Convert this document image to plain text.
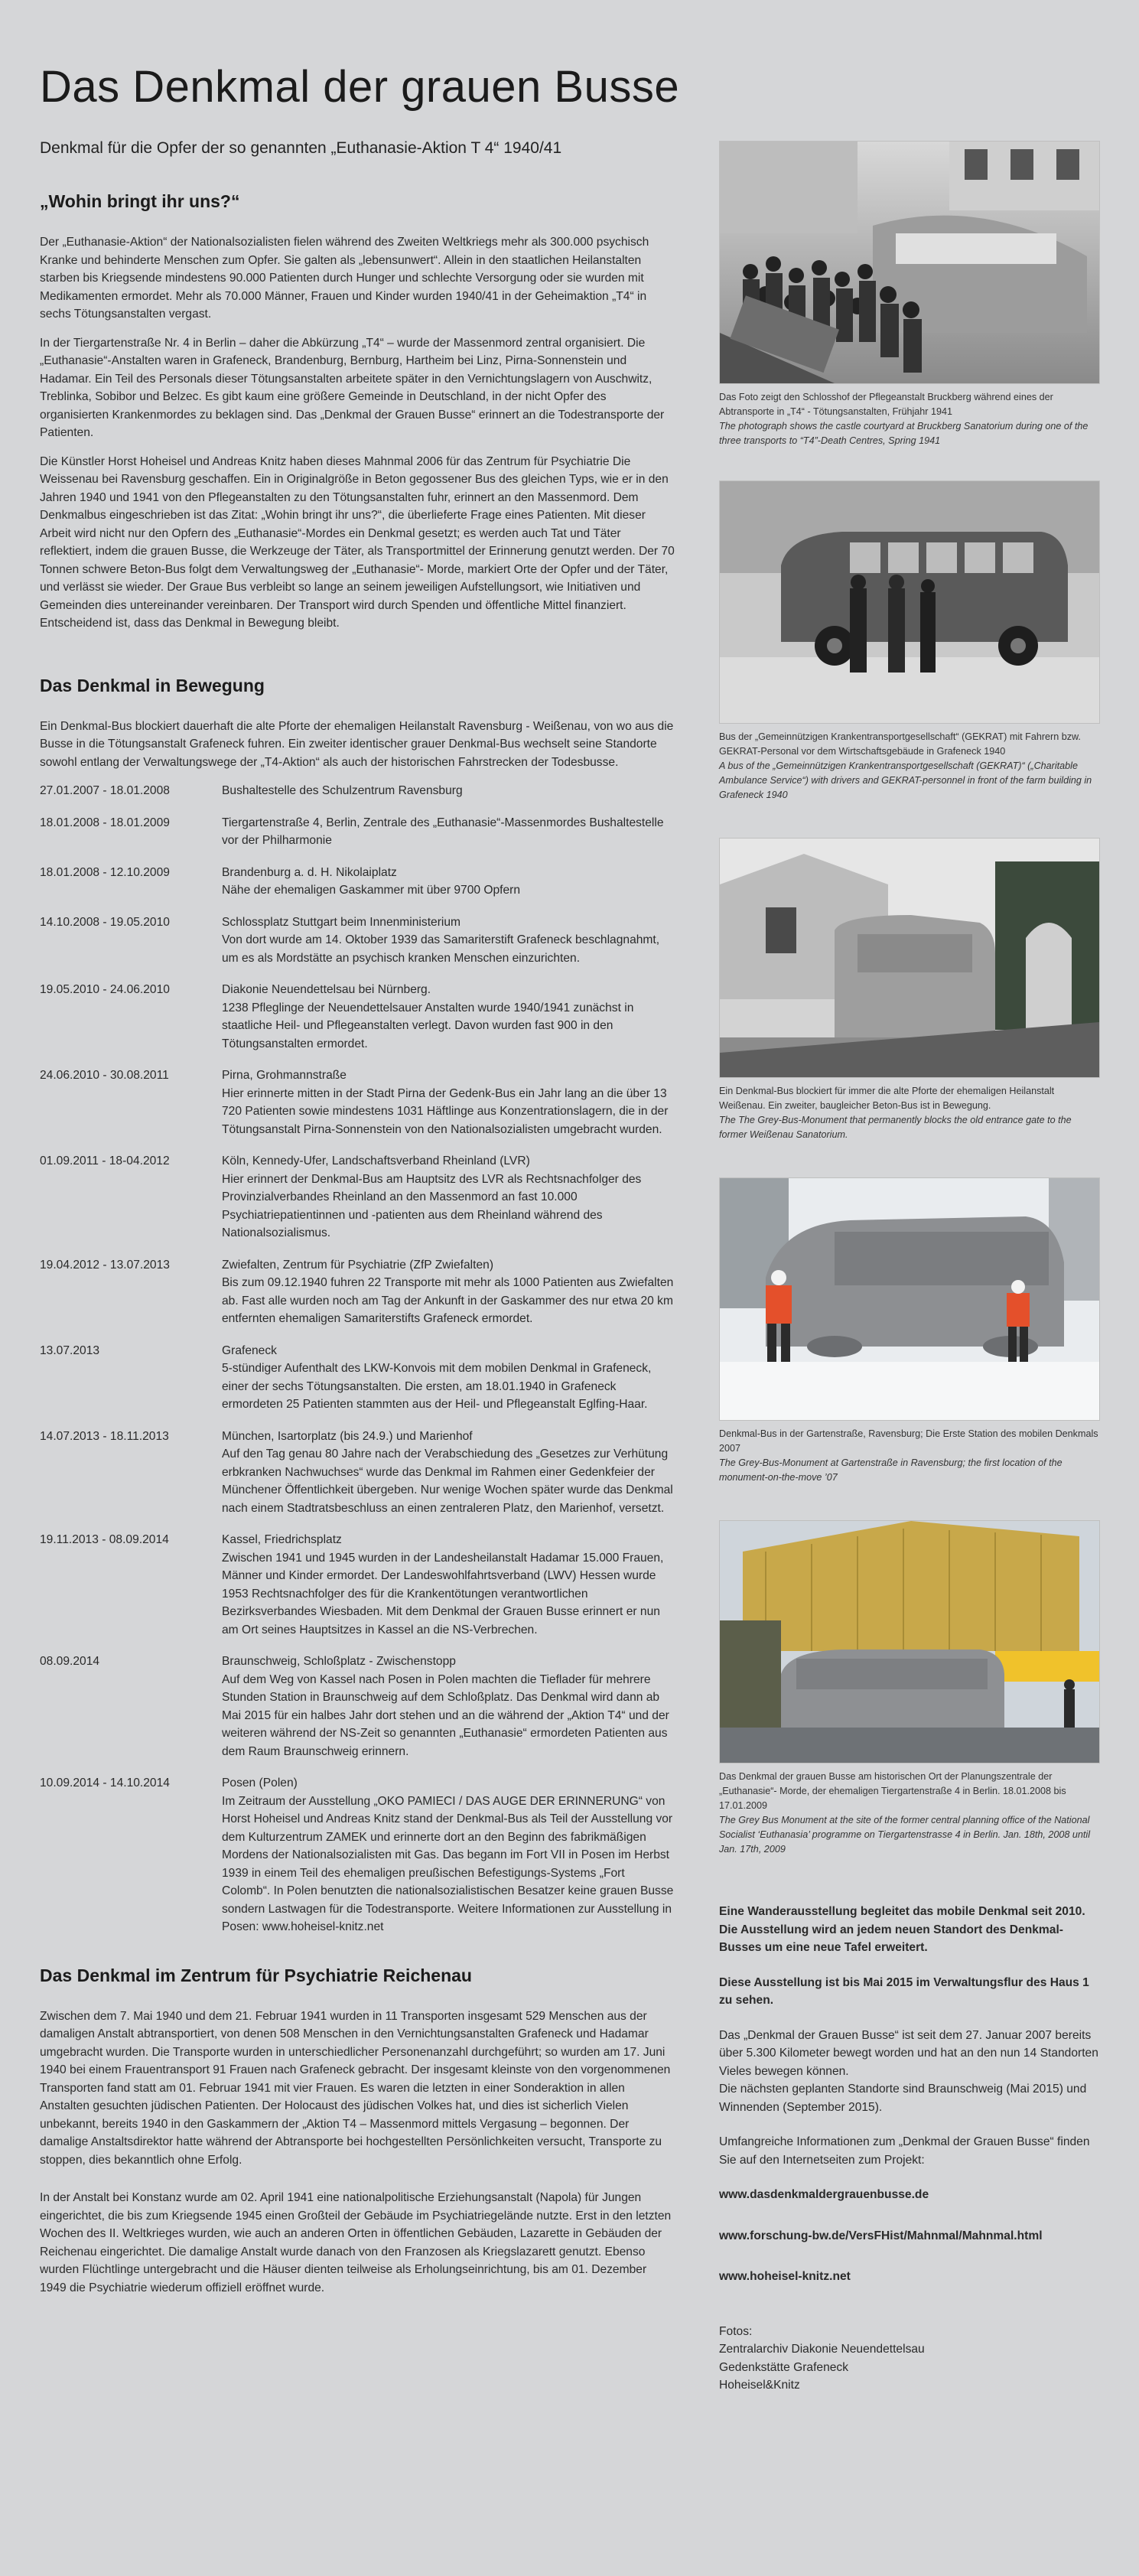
Das Denkmal der grauen Busse
Denkmal für die Opfer der so genannten „Euthanasie-Aktion T 4“ 1940/41
„Wohin bringt ihr uns?“

Der „Euthanasie-Aktion“ der Nationalsozialisten fielen während des Zweiten Weltkriegs mehr als 300.000 psychisch Kranke und behinderte Menschen zum Opfer. Sie galten als „lebensunwert“. Allein in den staatlichen Heilanstalten starben bis Kriegsende mindestens 90.000 Patienten durch Hunger und schlechte Versorgung oder sie wurden mit Medikamenten ermordet. Mehr als 70.000 Männer, Frauen und Kinder wurden 1940/41 in der Geheimaktion „T4“ in sechs Tötungsanstalten vergast.

In der Tiergartenstraße Nr. 4 in Berlin – daher die Abkürzung „T4“ – wurde der Massenmord zentral organisiert. Die „Euthanasie“-Anstalten waren in Grafeneck, Brandenburg, Bernburg, Hartheim bei Linz, Pirna-Sonnenstein und Hadamar. Ein Teil des Personals dieser Tötungsanstalten arbeitete später in den Vernichtungslagern von Auschwitz, Treblinka, Sobibor und Belzec. Es gibt kaum eine größere Gemeinde in Deutschland, in der nicht Opfer des organisierten Krankenmordes zu beklagen sind. Das „Denkmal der Grauen Busse“ erinnert an die Todestransporte der Patienten.

Die Künstler Horst Hoheisel und Andreas Knitz haben dieses Mahnmal 2006 für das Zentrum für Psychiatrie Die Weissenau bei Ravensburg geschaffen. Ein in Originalgröße in Beton gegossener Bus des gleichen Typs, wie er in den Jahren 1940 und 1941 von den Pflegeanstalten zu den Tötungsanstalten fuhr, erinnert an den Massenmord. Dem Denkmalbus eingeschrieben ist das Zitat: „Wohin bringt ihr uns?“, die überlieferte Frage eines Patienten. Mit dieser Arbeit wird nicht nur den Opfern des „Euthanasie“-Mordes ein Denkmal gesetzt; es werden auch Tat und Täter reflektiert, indem die grauen Busse, die Werkzeuge der Täter, als Transportmittel der Erinnerung genutzt werden. Der 70 Tonnen schwere Beton-Bus folgt dem Verwaltungsweg der „Euthanasie“- Morde, markiert Orte der Opfer und der Täter, und verlässt sie wieder. Der Graue Bus verbleibt so lange an seinem jeweiligen Aufstellungsort, wie Initiativen und Gemeinden dies untereinander vereinbaren. Der Transport wird durch Spenden und öffentliche Mittel finanziert. Entscheidend ist, dass das Denkmal in Bewegung bleibt.

Das Denkmal in Bewegung

Ein Denkmal-Bus blockiert dauerhaft die alte Pforte der ehemaligen Heilanstalt Ravensburg - Weißenau, von wo aus die Busse in die Tötungsanstalt Grafeneck fuhren. Ein zweiter identischer grauer Denkmal-Bus wechselt seine Standorte sowohl entlang der Verwaltungswege der „T4-Aktion“ als auch der historischen Fahrstrecken der Todesbusse.

27.01.2007 - 18.01.2008	Bushaltestelle des Schulzentrum Ravensburg
18.01.2008 - 18.01.2009	Tiergartenstraße 4, Berlin, Zentrale des „Euthanasie“-Massenmordes Bushaltestelle vor der Philharmonie
18.01.2008 - 12.10.2009	Brandenburg a. d. H. Nikolaiplatz
Nähe der ehemaligen Gaskammer mit über 9700 Opfern
14.10.2008 - 19.05.2010	Schlossplatz Stuttgart beim Innenministerium
Von dort wurde am 14. Oktober 1939 das Samariterstift Grafeneck beschlagnahmt, um es als Mordstätte an psychisch kranken Menschen einzurichten.
19.05.2010 - 24.06.2010	Diakonie Neuendettelsau bei Nürnberg.
1238 Pfleglinge der Neuendettelsauer Anstalten wurde 1940/1941 zunächst in staatliche Heil- und Pflegeanstalten verlegt. Davon wurden fast 900 in den Tötungsanstalten ermordet.
24.06.2010 - 30.08.2011	Pirna, Grohmannstraße
Hier erinnerte mitten in der Stadt Pirna der Gedenk-Bus ein Jahr lang an die über 13 720 Patienten sowie mindestens 1031 Häftlinge aus Konzentrationslagern, die in der Tötungsanstalt Pirna-Sonnenstein von den Nationalsozialisten umgebracht wurden.
01.09.2011 - 18-04.2012	Köln, Kennedy-Ufer, Landschaftsverband Rheinland (LVR)
Hier erinnert der Denkmal-Bus am Hauptsitz des LVR als Rechtsnachfolger des Provinzialverbandes Rheinland an den Massenmord an fast 10.000 Psychiatriepatientinnen und -patienten aus dem Rheinland während des Nationalsozialismus.
19.04.2012 - 13.07.2013	Zwiefalten, Zentrum für Psychiatrie (ZfP Zwiefalten)
Bis zum 09.12.1940 fuhren 22 Transporte mit mehr als 1000 Patienten aus Zwiefalten ab. Fast alle wurden noch am Tag der Ankunft in der Gaskammer des nur etwa 20 km entfernten ehemaligen Samariterstifts Grafeneck ermordet.
13.07.2013	Grafeneck
5-stündiger Aufenthalt des LKW-Konvois mit dem mobilen Denkmal in Grafeneck, einer der sechs Tötungsanstalten. Die ersten, am 18.01.1940 in Grafeneck ermordeten 25 Patienten stammten aus der Heil- und Pflegeanstalt Eglfing-Haar.
14.07.2013 - 18.11.2013	München, Isartorplatz (bis 24.9.) und Marienhof
Auf den Tag genau 80 Jahre nach der Verabschiedung des „Gesetzes zur Verhütung erbkranken Nachwuchses“ wurde das Denkmal im Rahmen einer Gedenkfeier der Münchener Öffentlichkeit übergeben. Nur wenige Wochen später wurde das Denkmal nach einem Stadtratsbeschluss an einen zentraleren Platz, den Marienhof, versetzt.
19.11.2013 - 08.09.2014	Kassel, Friedrichsplatz
Zwischen 1941 und 1945 wurden in der Landesheilanstalt Hadamar 15.000 Frauen, Männer und Kinder ermordet. Der Landeswohlfahrtsverband (LWV) Hessen wurde 1953 Rechtsnachfolger des für die Krankentötungen verantwortlichen Bezirksverbandes Wiesbaden. Mit dem Denkmal der Grauen Busse erinnert er nun am Ort seines Hauptsitzes in Kassel an die NS-Verbrechen.
08.09.2014	Braunschweig, Schloßplatz - Zwischenstopp
Auf dem Weg von Kassel nach Posen in Polen machten die Tieflader für mehrere Stunden Station in Braunschweig auf dem Schloßplatz. Das Denkmal wird dann ab Mai 2015 für ein halbes Jahr dort stehen und an die während der „Aktion T4“ und der weiteren während der NS-Zeit so genannten „Euthanasie“ ermordeten Patienten aus dem Raum Braunschweig erinnern.
10.09.2014 - 14.10.2014	Posen (Polen)
Im Zeitraum der Ausstellung „OKO PAMIECI / DAS AUGE DER ERINNERUNG“ von Horst Hoheisel und Andreas Knitz stand der Denkmal-Bus als Teil der Ausstellung vor dem Kulturzentrum ZAMEK und erinnerte dort an den Beginn des fabrikmäßigen Mordens der Nationalsozialisten mit Gas. Das begann im Fort VII in Posen im Herbst 1939 in einem Teil des ehemaligen preußischen Befestigungs-Systems „Fort Colomb“. In Polen benutzten die nationalsozialistischen Besatzer keine grauen Busse sondern Lastwagen für die Todestransporte. Weitere Informationen zur Ausstellung in Posen: www.hoheisel-knitz.net
Das Denkmal im Zentrum für Psychiatrie Reichenau

Zwischen dem 7. Mai 1940 und dem 21. Februar 1941 wurden in 11 Transporten insgesamt 529 Menschen aus der damaligen Anstalt abtransportiert, von denen 508 Menschen in den Vernichtungsanstalten Grafeneck und Hadamar umgebracht wurden. Die Transporte wurden in unterschiedlicher Personenanzahl durchgeführt; so wurden am 17. Juni 1940 bei einem Frauentransport 91 Frauen nach Grafeneck gebracht. Der insgesamt kleinste von den vorgenommenen Transporten fand statt am 01. Februar 1941 mit vier Frauen. Es waren die letzten in einer Sonderaktion in allen Anstalten gesuchten jüdischen Patienten. Der Holocaust des jüdischen Volkes hat, und dies ist sicherlich Vielen unbekannt, bereits 1940 in den Gaskammern der „Aktion T4 – Massenmord mittels Vergasung – begonnen. Der damalige Anstaltsdirektor hatte während der Abtransporte bei hochgestellten Persönlichkeiten versucht, Transporte zu stoppen, dies bekanntlich ohne Erfolg.

In der Anstalt bei Konstanz wurde am 02. April 1941 eine nationalpolitische Erziehungsanstalt (Napola) für Jungen eingerichtet, die bis zum Kriegsende 1945 einen Großteil der Gebäude im Psychiatriegelände nutzte. Erst in den letzten Wochen des II. Weltkrieges wurden, wie auch an anderen Orten in öffentlichen Gebäuden, Lazarette in Gebäuden der Reichenau eingerichtet. Die damalige Anstalt wurde danach von den Franzosen als Kriegslazarett genutzt. Ebenso wurden Flüchtlinge untergebracht und die Häuser dienten teilweise als Erholungseinrichtung, bis am 01. Dezember 1949 die Psychiatrie wiederum offiziell eröffnet wurde.

Das Foto zeigt den Schlosshof der Pflegeanstalt Bruckberg während eines der Abtransporte in „T4“ - Tötungsanstalten, Frühjahr 1941
The photograph shows the castle courtyard at Bruckberg Sanatorium during one of the three transports to “T4”-Death Centres, Spring 1941
Bus der „Gemeinnützigen Krankentransportgesellschaft“ (GEKRAT) mit Fahrern bzw. GEKRAT-Personal vor dem Wirtschaftsgebäude in Grafeneck 1940
A bus of the „Gemeinnützigen Krankentransportgesellschaft (GEKRAT)“ („Charitable Ambulance Service“) with drivers and GEKRAT-personnel in front of the farm building in Grafeneck 1940
Ein Denkmal-Bus blockiert für immer die alte Pforte der ehemaligen Heilanstalt Weißenau. Ein zweiter, baugleicher Beton-Bus ist in Bewegung.
The The Grey-Bus-Monument that permanently blocks the old entrance gate to the former Weißenau Sanatorium.
Denkmal-Bus in der Gartenstraße, Ravensburg; Die Erste Station des mobilen Denkmals 2007
The Grey-Bus-Monument at Gartenstraße in Ravensburg; the first location of the monument-on-the-move ’07
Das Denkmal der grauen Busse am historischen Ort der Planungszentrale der „Euthanasie“- Morde, der ehemaligen Tiergartenstraße 4 in Berlin. 18.01.2008 bis 17.01.2009
The Grey Bus Monument at the site of the former central planning office of the National Socialist ‘Euthanasia’ programme on Tiergartenstrasse 4 in Berlin. Jan. 18th, 2008 until Jan. 17th, 2009

Eine Wanderausstellung begleitet das mobile Denkmal seit 2010. Die Ausstellung wird an jedem neuen Standort des Denkmal-Busses um eine neue Tafel erweitert.

Diese Ausstellung ist bis Mai 2015 im Verwaltungsflur des Haus 1 zu sehen.

Das „Denkmal der Grauen Busse“ ist seit dem 27. Januar 2007 bereits über 5.300 Kilometer bewegt worden und hat an den nun 14 Standorten Vieles bewegen können.
Die nächsten geplanten Standorte sind Braunschweig (Mai 2015) und Winnenden (September 2015).

Umfangreiche Informationen zum „Denkmal der Grauen Busse“ finden Sie auf den Internetseiten zum Projekt:

www.dasdenkmaldergrauenbusse.de

www.forschung-bw.de/VersFHist/Mahnmal/Mahnmal.html

www.hoheisel-knitz.net

Fotos:
Zentralarchiv Diakonie Neuendettelsau
Gedenkstätte Grafeneck
Hoheisel&Knitz
